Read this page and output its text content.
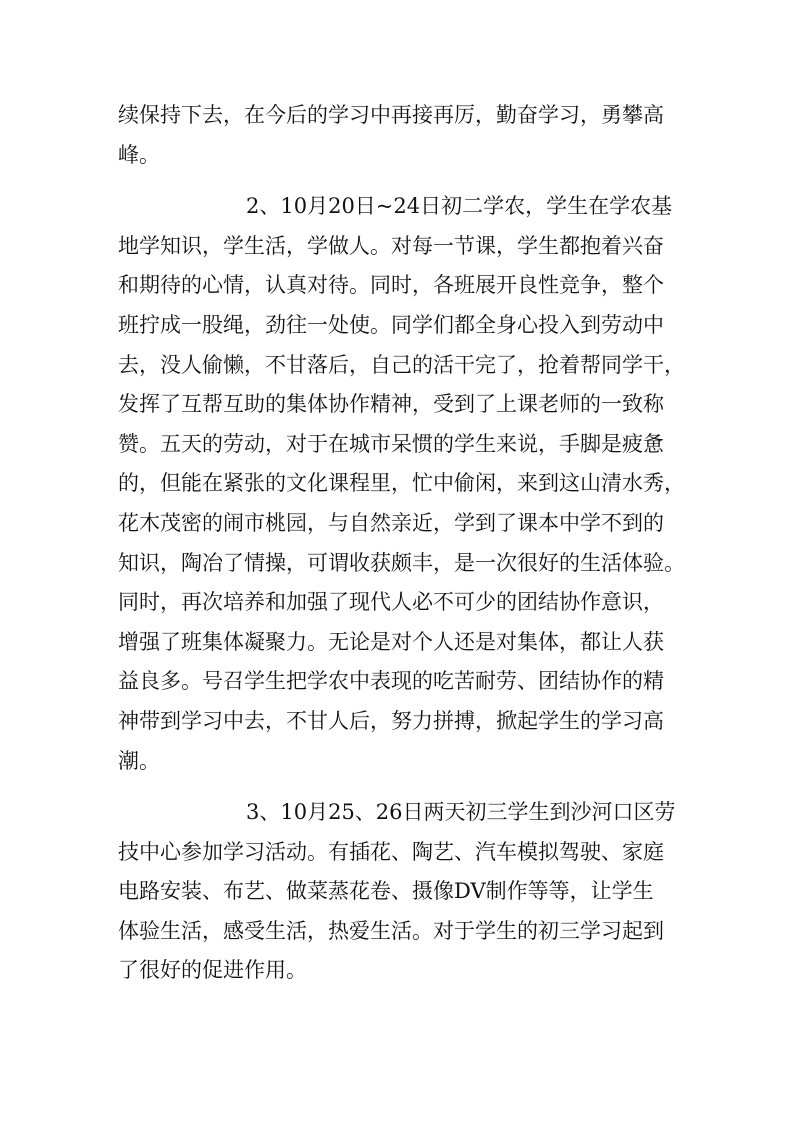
续保持下去，在今后的学习中再接再厉，勤奋学习，勇攀高
峰。
2、10月20日~24日初二学农，学生在学农基
地学知识，学生活，学做人。对每一节课，学生都抱着兴奋
和期待的心情，认真对待。同时，各班展开良性竞争，整个
班拧成一股绳，劲往一处使。同学们都全身心投入到劳动中
去，没人偷懒，不甘落后，自己的活干完了，抢着帮同学干，
发挥了互帮互助的集体协作精神，受到了上课老师的一致称
赞。五天的劳动，对于在城市呆惯的学生来说，手脚是疲惫
的，但能在紧张的文化课程里，忙中偷闲，来到这山清水秀，
花木茂密的闹市桃园，与自然亲近，学到了课本中学不到的
知识，陶冶了情操，可谓收获颇丰，是一次很好的生活体验。
同时，再次培养和加强了现代人必不可少的团结协作意识，
增强了班集体凝聚力。无论是对个人还是对集体，都让人获
益良多。号召学生把学农中表现的吃苦耐劳、团结协作的精
神带到学习中去，不甘人后，努力拼搏，掀起学生的学习高
潮。
3、10月25、26日两天初三学生到沙河口区劳
技中心参加学习活动。有插花、陶艺、汽车模拟驾驶、家庭
电路安装、布艺、做菜蒸花卷、摄像DV制作等等，让学生
体验生活，感受生活，热爱生活。对于学生的初三学习起到
了很好的促进作用。
